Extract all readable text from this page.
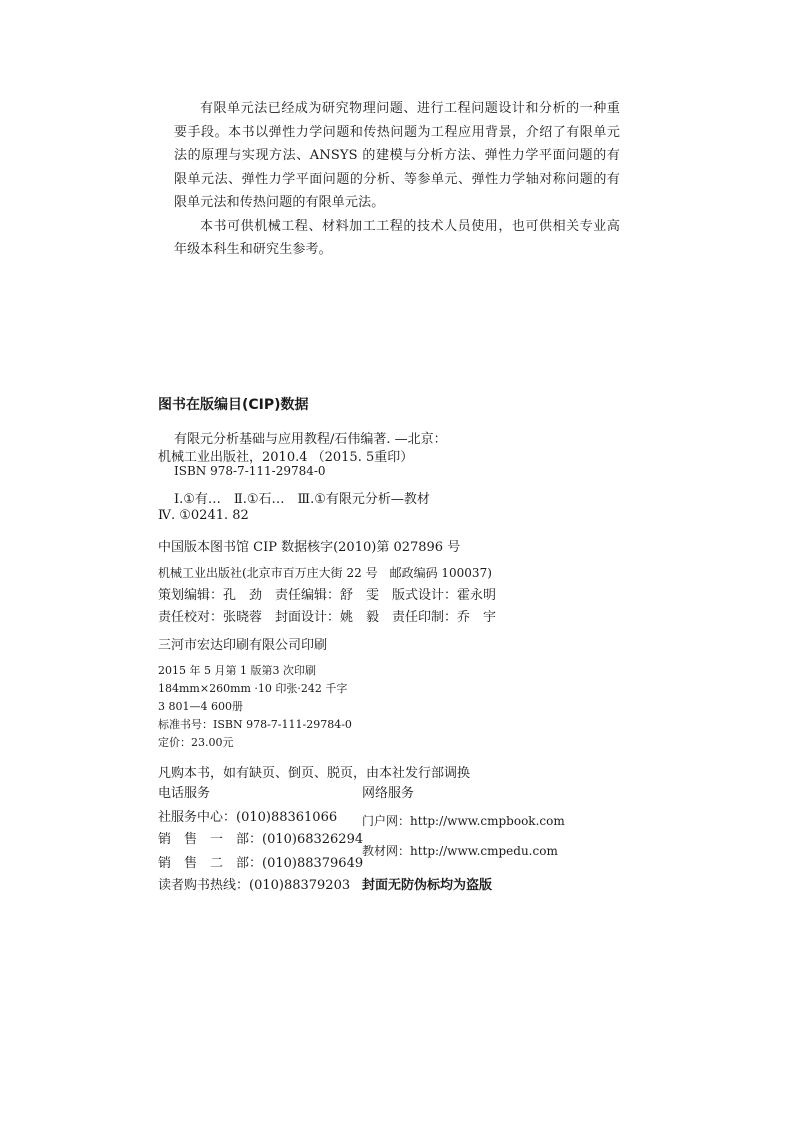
有限单元法已经成为研究物理问题、进行工程问题设计和分析的一种重要手段。本书以弹性力学问题和传热问题为工程应用背景，介绍了有限单元法的原理与实现方法、ANSYS 的建模与分析方法、弹性力学平面问题的有限单元法、弹性力学平面问题的分析、等参单元、弹性力学轴对称问题的有限单元法和传热问题的有限单元法。

本书可供机械工程、材料加工工程的技术人员使用，也可供相关专业高年级本科生和研究生参考。

图书在版编目(CIP)数据
有限元分析基础与应用教程/石伟编著. —北京：
机械工业出版社，2010.4 （2015. 5重印）
ISBN 978-7-111-29784-0
Ⅰ.①有…　Ⅱ.①石…　Ⅲ.①有限元分析—教材
Ⅳ. ①0241. 82
中国版本图书馆 CIP 数据核字(2010)第 027896 号
机械工业出版社(北京市百万庄大街 22 号　邮政编码 100037)
策划编辑：孔　劲　责任编辑：舒　雯　版式设计：霍永明
责任校对：张晓蓉　封面设计：姚　毅　责任印制：乔　宇
三河市宏达印刷有限公司印刷
2015 年 5 月第 1 版第3 次印刷
184mm×260mm ·10 印张·242 千字
3 801—4 600册
标准书号：ISBN 978-7-111-29784-0
定价：23.00元
凡购本书，如有缺页、倒页、脱页，由本社发行部调换
电话服务	网络服务
社服务中心：(010)88361066 门户网：http://www.cmpbook.com
销　售　一　部：(010)68326294
教材网：http://www.cmpedu.com
销　售　二　部：(010)88379649
读者购书热线：(010)88379203 封面无防伪标均为盗版
